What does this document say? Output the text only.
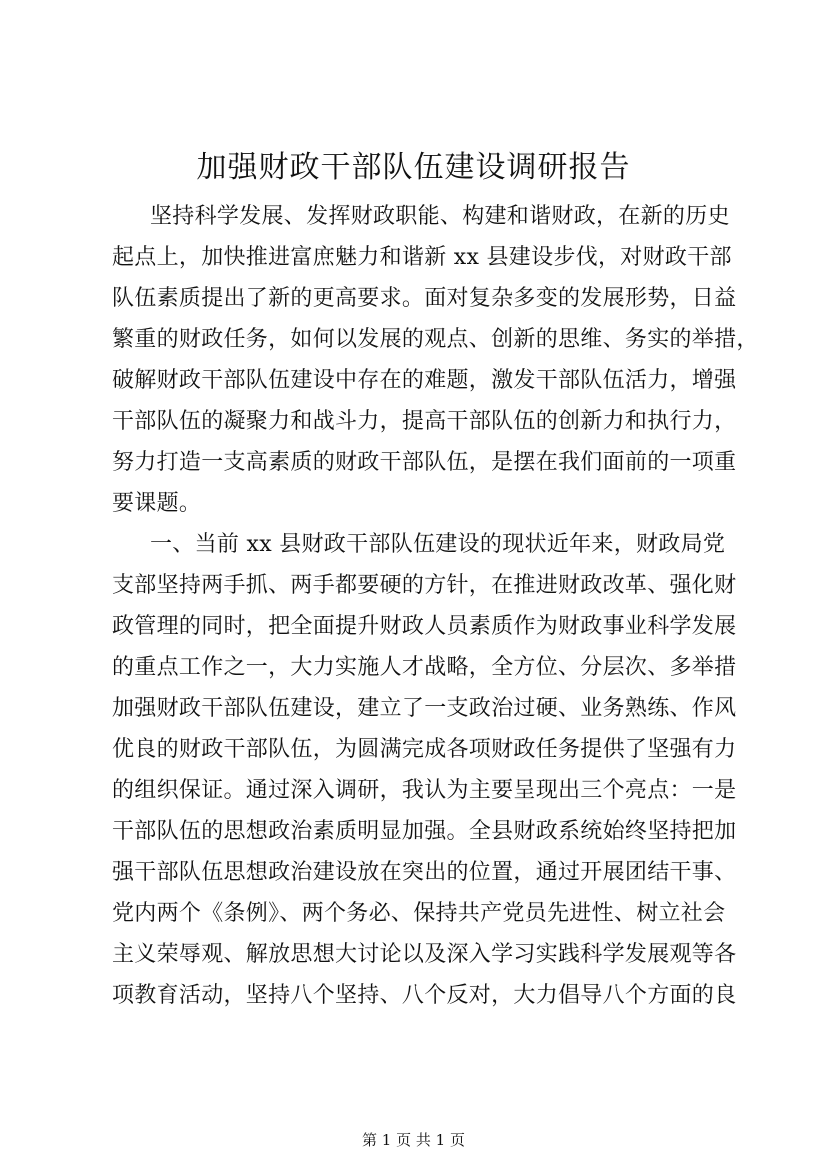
加强财政干部队伍建设调研报告
坚持科学发展、发挥财政职能、构建和谐财政，在新的历史
起点上，加快推进富庶魅力和谐新 xx 县建设步伐，对财政干部
队伍素质提出了新的更高要求。面对复杂多变的发展形势，日益
繁重的财政任务，如何以发展的观点、创新的思维、务实的举措，
破解财政干部队伍建设中存在的难题，激发干部队伍活力，增强
干部队伍的凝聚力和战斗力，提高干部队伍的创新力和执行力，
努力打造一支高素质的财政干部队伍，是摆在我们面前的一项重
要课题。
一、当前 xx 县财政干部队伍建设的现状近年来，财政局党
支部坚持两手抓、两手都要硬的方针，在推进财政改革、强化财
政管理的同时，把全面提升财政人员素质作为财政事业科学发展
的重点工作之一，大力实施人才战略，全方位、分层次、多举措
加强财政干部队伍建设，建立了一支政治过硬、业务熟练、作风
优良的财政干部队伍，为圆满完成各项财政任务提供了坚强有力
的组织保证。通过深入调研，我认为主要呈现出三个亮点：一是
干部队伍的思想政治素质明显加强。全县财政系统始终坚持把加
强干部队伍思想政治建设放在突出的位置，通过开展团结干事、
党内两个《条例》、两个务必、保持共产党员先进性、树立社会
主义荣辱观、解放思想大讨论以及深入学习实践科学发展观等各
项教育活动，坚持八个坚持、八个反对，大力倡导八个方面的良
第 1 页 共 1 页
